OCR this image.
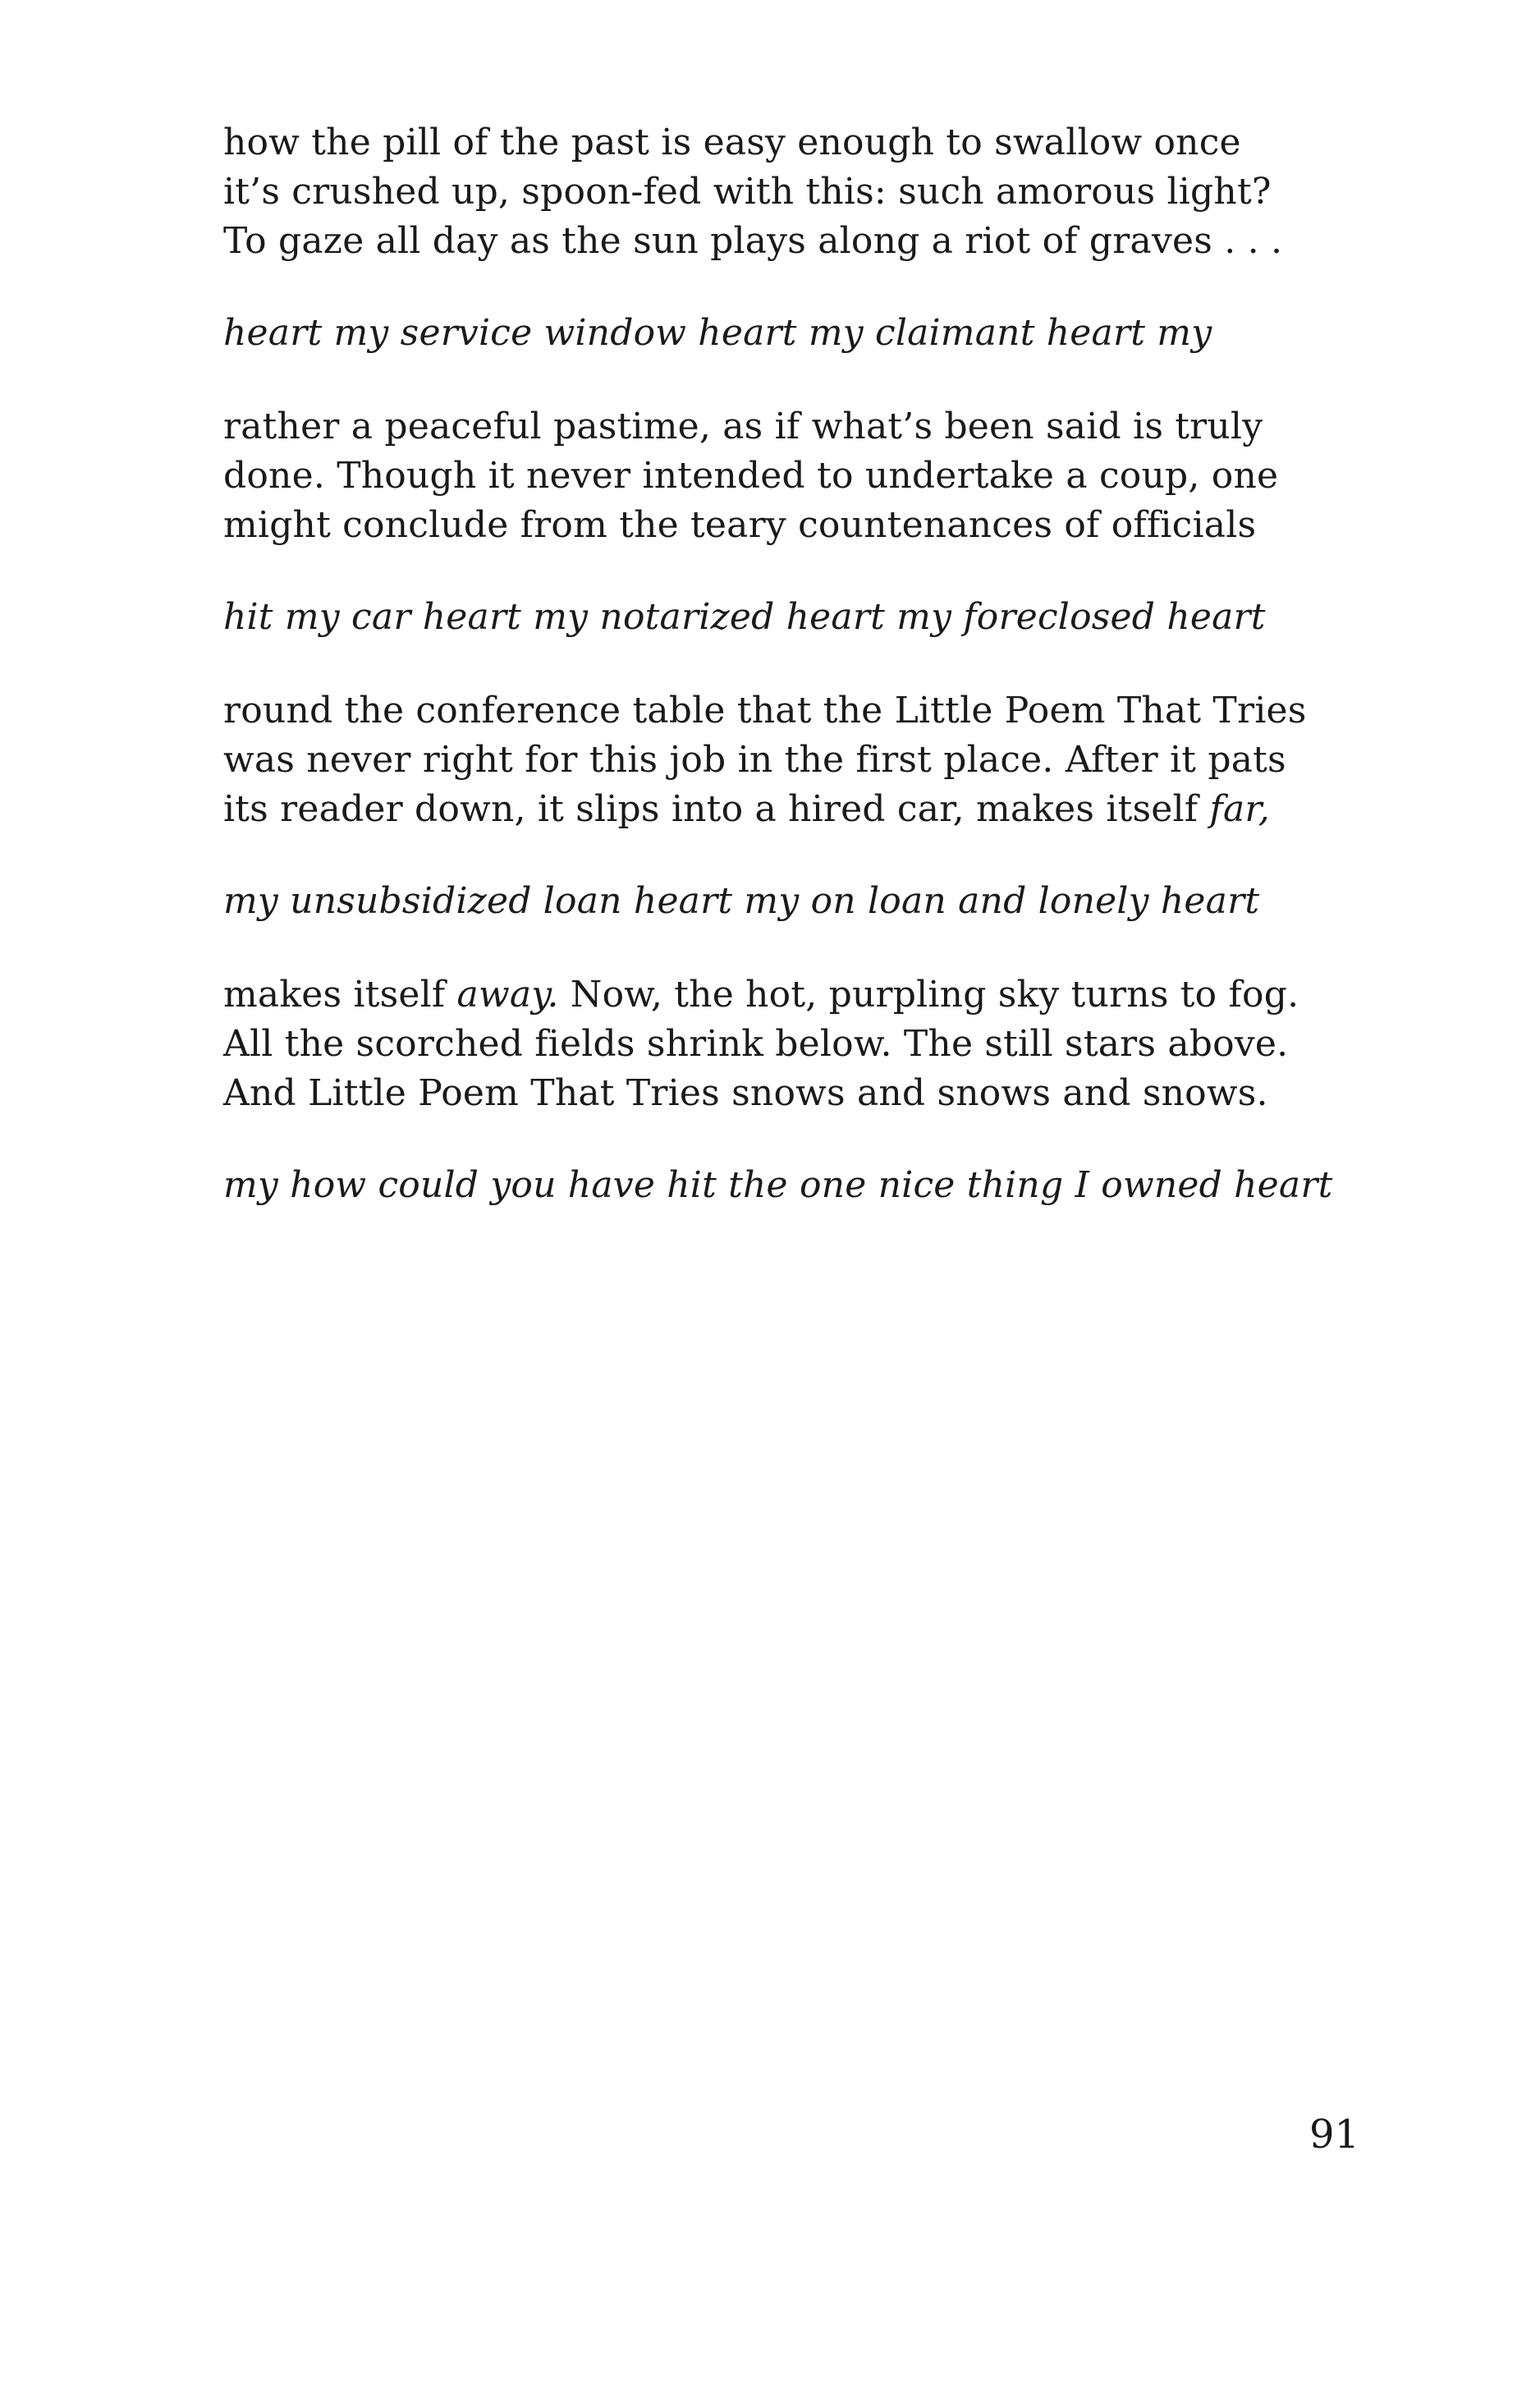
how the pill of the past is easy enough to swallow once
it’s crushed up, spoon-fed with this: such amorous light?
To gaze all day as the sun plays along a riot of graves . . .
heart my service window heart my claimant heart my
rather a peaceful pastime, as if what’s been said is truly
done. Though it never intended to undertake a coup, one
might conclude from the teary countenances of officials
hit my car heart my notarized heart my foreclosed heart
round the conference table that the Little Poem That Tries
was never right for this job in the first place. After it pats
its reader down, it slips into a hired car, makes itself far,
my unsubsidized loan heart my on loan and lonely heart
makes itself away. Now, the hot, purpling sky turns to fog.
All the scorched fields shrink below. The still stars above.
And Little Poem That Tries snows and snows and snows.
my how could you have hit the one nice thing I owned heart
91
